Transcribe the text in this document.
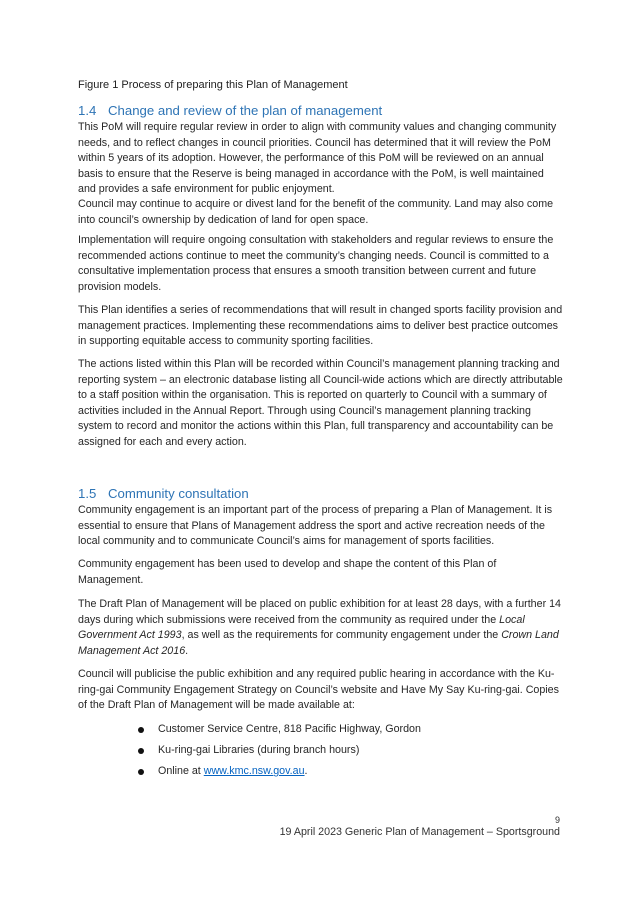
Figure 1 Process of preparing this Plan of Management
1.4 Change and review of the plan of management

This PoM will require regular review in order to align with community values and changing community needs, and to reflect changes in council priorities. Council has determined that it will review the PoM within 5 years of its adoption. However, the performance of this PoM will be reviewed on an annual basis to ensure that the Reserve is being managed in accordance with the PoM, is well maintained and provides a safe environment for public enjoyment.

Council may continue to acquire or divest land for the benefit of the community. Land may also come into council’s ownership by dedication of land for open space.

Implementation will require ongoing consultation with stakeholders and regular reviews to ensure the recommended actions continue to meet the community’s changing needs. Council is committed to a consultative implementation process that ensures a smooth transition between current and future provision models.

This Plan identifies a series of recommendations that will result in changed sports facility provision and management practices. Implementing these recommendations aims to deliver best practice outcomes in supporting equitable access to community sporting facilities.

The actions listed within this Plan will be recorded within Council’s management planning tracking and reporting system – an electronic database listing all Council-wide actions which are directly attributable to a staff position within the organisation. This is reported on quarterly to Council with a summary of activities included in the Annual Report. Through using Council’s management planning tracking system to record and monitor the actions within this Plan, full transparency and accountability can be assigned for each and every action.

1.5 Community consultation

Community engagement is an important part of the process of preparing a Plan of Management. It is essential to ensure that Plans of Management address the sport and active recreation needs of the local community and to communicate Council’s aims for management of sports facilities.

Community engagement has been used to develop and shape the content of this Plan of Management.

The Draft Plan of Management will be placed on public exhibition for at least 28 days, with a further 14 days during which submissions were received from the community as required under the Local Government Act 1993, as well as the requirements for community engagement under the Crown Land Management Act 2016.

Council will publicise the public exhibition and any required public hearing in accordance with the Ku-ring-gai Community Engagement Strategy on Council’s website and Have My Say Ku-ring-gai. Copies of the Draft Plan of Management will be made available at:

Customer Service Centre, 818 Pacific Highway, Gordon
Ku-ring-gai Libraries (during branch hours)
Online at www.kmc.nsw.gov.au.
9
19 April 2023 Generic Plan of Management – Sportsground
